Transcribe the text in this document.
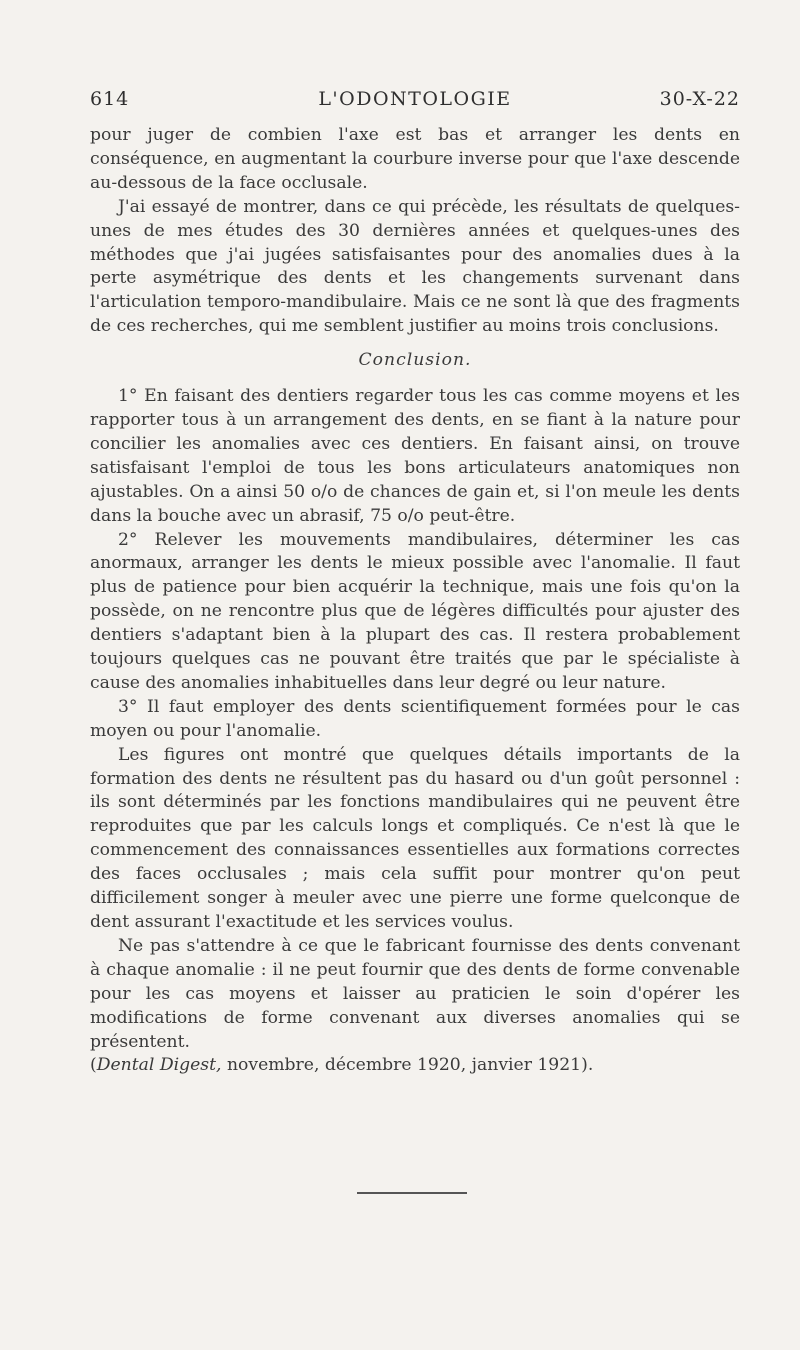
614	L'ODONTOLOGIE	30-X-22

pour juger de combien l'axe est bas et arranger les dents en conséquence, en augmentant la courbure inverse pour que l'axe descende au-dessous de la face occlusale.

J'ai essayé de montrer, dans ce qui précède, les résultats de quelques-unes de mes études des 30 dernières années et quelques-unes des méthodes que j'ai jugées satisfaisantes pour des anomalies dues à la perte asymétrique des dents et les changements survenant dans l'articulation temporo-mandibulaire. Mais ce ne sont là que des fragments de ces recherches, qui me semblent justifier au moins trois conclusions.

Conclusion.

1° En faisant des dentiers regarder tous les cas comme moyens et les rapporter tous à un arrangement des dents, en se fiant à la nature pour concilier les anomalies avec ces dentiers. En faisant ainsi, on trouve satisfaisant l'emploi de tous les bons articulateurs anatomiques non ajustables. On a ainsi 50 o/o de chances de gain et, si l'on meule les dents dans la bouche avec un abrasif, 75 o/o peut-être.

2° Relever les mouvements mandibulaires, déterminer les cas anormaux, arranger les dents le mieux possible avec l'anomalie. Il faut plus de patience pour bien acquérir la technique, mais une fois qu'on la possède, on ne rencontre plus que de légères difficultés pour ajuster des dentiers s'adaptant bien à la plupart des cas. Il restera probablement toujours quelques cas ne pouvant être traités que par le spécialiste à cause des anomalies inhabituelles dans leur degré ou leur nature.

3° Il faut employer des dents scientifiquement formées pour le cas moyen ou pour l'anomalie.

Les figures ont montré que quelques détails importants de la formation des dents ne résultent pas du hasard ou d'un goût personnel : ils sont déterminés par les fonctions mandibulaires qui ne peuvent être reproduites que par les calculs longs et compliqués. Ce n'est là que le commencement des connaissances essentielles aux formations correctes des faces occlusales ; mais cela suffit pour montrer qu'on peut difficilement songer à meuler avec une pierre une forme quelconque de dent assurant l'exactitude et les services voulus.

Ne pas s'attendre à ce que le fabricant fournisse des dents convenant à chaque anomalie : il ne peut fournir que des dents de forme convenable pour les cas moyens et laisser au praticien le soin d'opérer les modifications de forme convenant aux diverses anomalies qui se présentent.

(Dental Digest, novembre, décembre 1920, janvier 1921).
